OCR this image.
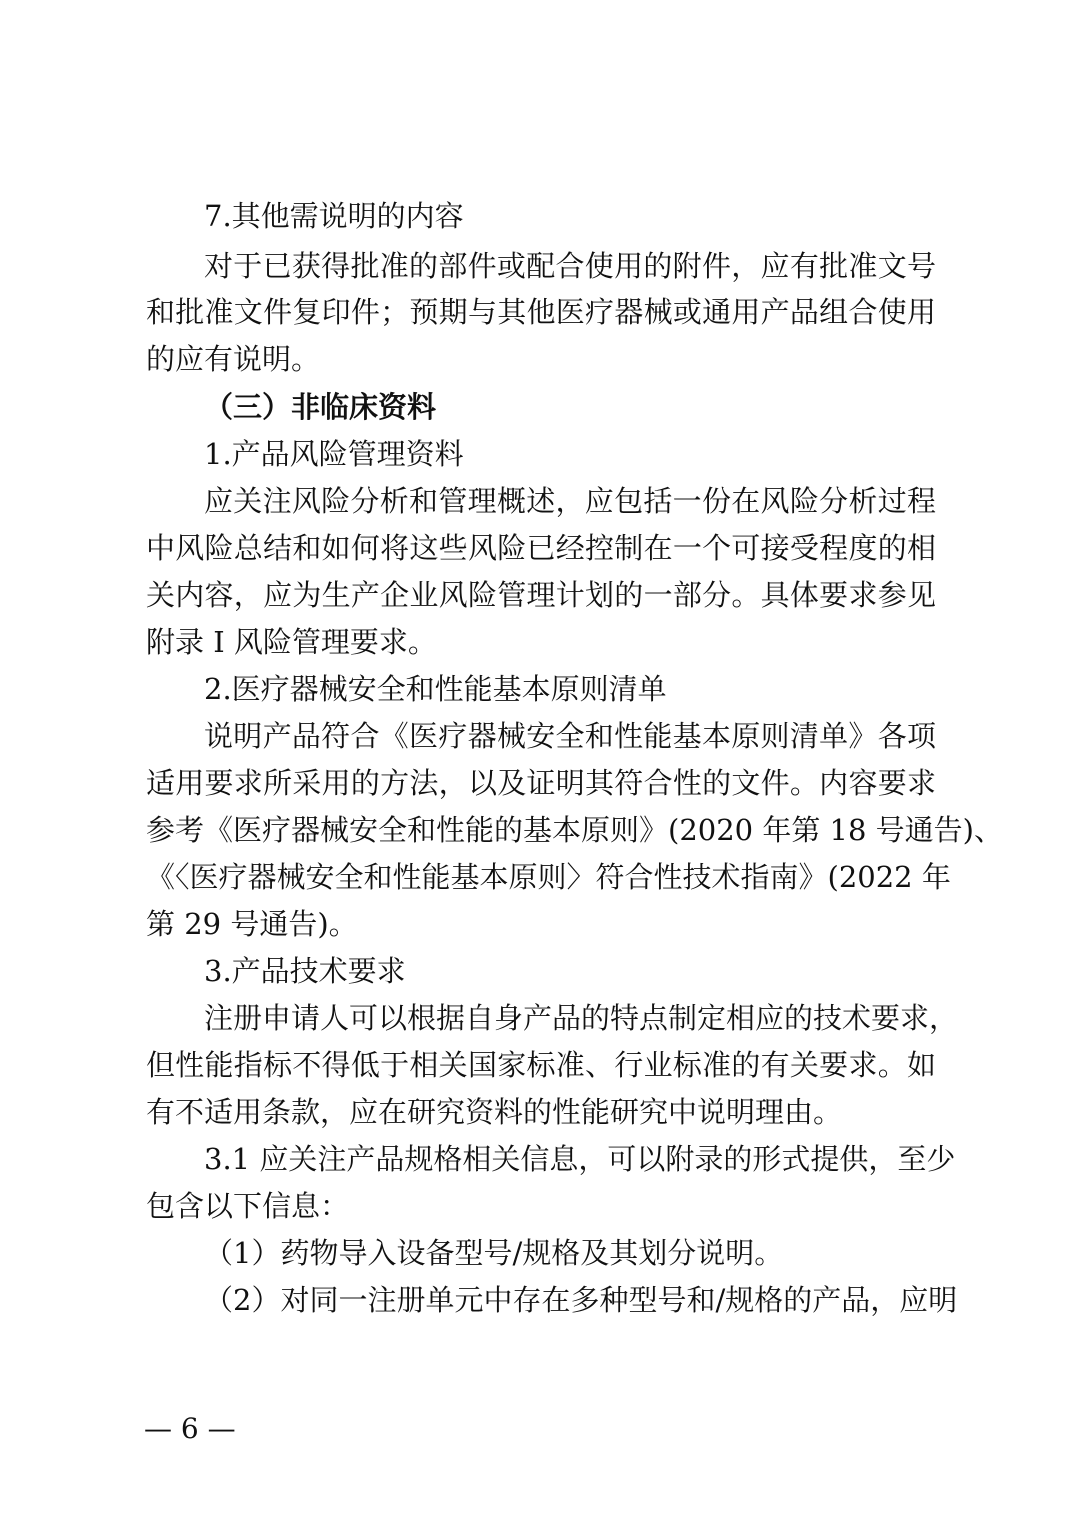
7.其他需说明的内容
对于已获得批准的部件或配合使用的附件，应有批准文号
和批准文件复印件；预期与其他医疗器械或通用产品组合使用
的应有说明。
（三）非临床资料
1.产品风险管理资料
应关注风险分析和管理概述，应包括一份在风险分析过程
中风险总结和如何将这些风险已经控制在一个可接受程度的相
关内容，应为生产企业风险管理计划的一部分。具体要求参见
附录 I 风险管理要求。
2.医疗器械安全和性能基本原则清单
说明产品符合《医疗器械安全和性能基本原则清单》各项
适用要求所采用的方法，以及证明其符合性的文件。内容要求
参考《医疗器械安全和性能的基本原则》(2020 年第 18 号通告)、
《〈医疗器械安全和性能基本原则〉符合性技术指南》(2022 年
第 29 号通告)。
3.产品技术要求
注册申请人可以根据自身产品的特点制定相应的技术要求，
但性能指标不得低于相关国家标准、行业标准的有关要求。如
有不适用条款，应在研究资料的性能研究中说明理由。
3.1 应关注产品规格相关信息，可以附录的形式提供，至少
包含以下信息：
（1）药物导入设备型号/规格及其划分说明。
（2）对同一注册单元中存在多种型号和/规格的产品，应明
— 6 —
